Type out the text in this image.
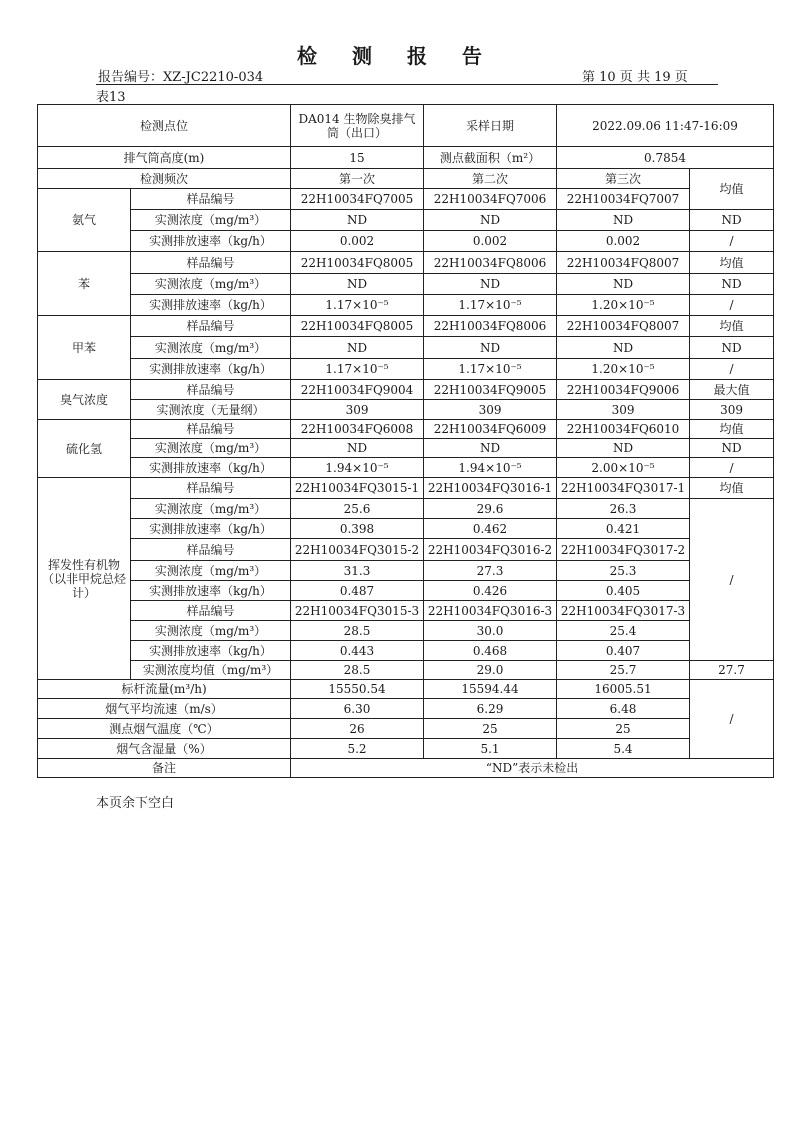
检 测 报 告
报告编号：XZ-JC2210-034	第 10 页 共 19 页
表13
检测点位		DA014 生物除臭排气筒（出口）	采样日期	2022.09.06 11:47-16:09	
排气筒高度(m)		15	测点截面积（m²）	0.7854	
检测频次		第一次	第二次	第三次	均值
氨气	样品编号	22H10034FQ7005	22H10034FQ7006	22H10034FQ7007	
	实测浓度（mg/m³）	ND	ND	ND	ND
	实测排放速率（kg/h）	0.002	0.002	0.002	/
苯	样品编号	22H10034FQ8005	22H10034FQ8006	22H10034FQ8007	均值
	实测浓度（mg/m³）	ND	ND	ND	ND
	实测排放速率（kg/h）	1.17×10⁻⁵	1.17×10⁻⁵	1.20×10⁻⁵	/
甲苯	样品编号	22H10034FQ8005	22H10034FQ8006	22H10034FQ8007	均值
	实测浓度（mg/m³）	ND	ND	ND	ND
	实测排放速率（kg/h）	1.17×10⁻⁵	1.17×10⁻⁵	1.20×10⁻⁵	/
臭气浓度	样品编号	22H10034FQ9004	22H10034FQ9005	22H10034FQ9006	最大值
	实测浓度（无量纲）	309	309	309	309
硫化氢	样品编号	22H10034FQ6008	22H10034FQ6009	22H10034FQ6010	均值
	实测浓度（mg/m³）	ND	ND	ND	ND
	实测排放速率（kg/h）	1.94×10⁻⁵	1.94×10⁻⁵	2.00×10⁻⁵	/
挥发性有机物（以非甲烷总烃计）	样品编号	22H10034FQ3015-1	22H10034FQ3016-1	22H10034FQ3017-1	均值
	实测浓度（mg/m³）	25.6	29.6	26.3	/
	实测排放速率（kg/h）	0.398	0.462	0.421	
	样品编号	22H10034FQ3015-2	22H10034FQ3016-2	22H10034FQ3017-2	
	实测浓度（mg/m³）	31.3	27.3	25.3	
	实测排放速率（kg/h）	0.487	0.426	0.405	
	样品编号	22H10034FQ3015-3	22H10034FQ3016-3	22H10034FQ3017-3	
	实测浓度（mg/m³）	28.5	30.0	25.4	
	实测排放速率（kg/h）	0.443	0.468	0.407	
	实测浓度均值（mg/m³）	28.5	29.0	25.7	27.7
标杆流量(m³/h)		15550.54	15594.44	16005.51	/
烟气平均流速（m/s）		6.30	6.29	6.48	
测点烟气温度（℃）		26	25	25	
烟气含湿量（%）		5.2	5.1	5.4	
备注		“ND”表示未检出			
本页余下空白
